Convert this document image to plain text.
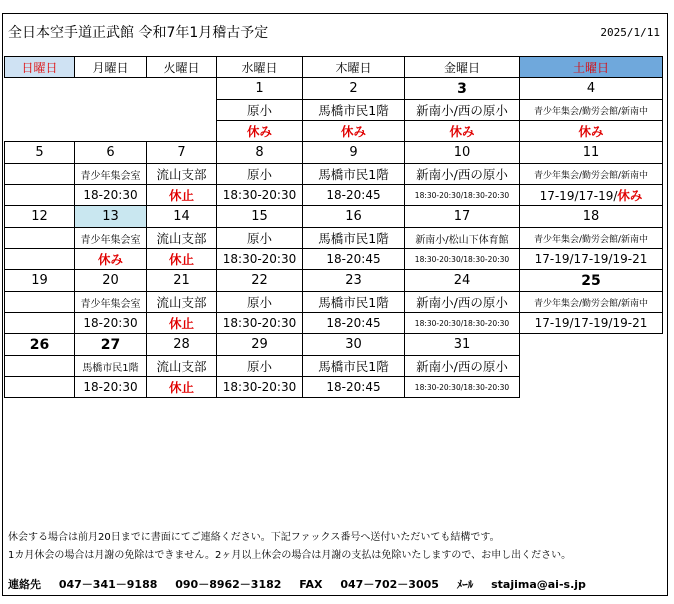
全日本空手道正武館 令和7年1月稽古予定	2025/1/11
日曜日	月曜日	火曜日	水曜日	木曜日	金曜日	土曜日
			1	2	3	4
			原小	馬橋市民1階	新南小/西の原小	青少年集会/勤労会館/新南中
			休み	休み	休み	休み
5	6	7	8	9	10	11
	青少年集会室	流山支部	原小	馬橋市民1階	新南小/西の原小	青少年集会/勤労会館/新南中
	18-20:30	休止	18:30-20:30	18-20:45	18:30-20:30/18:30-20:30	17-19/17-19/休み
12	13	14	15	16	17	18
	青少年集会室	流山支部	原小	馬橋市民1階	新南小/松山下体育館	青少年集会/勤労会館/新南中
	休み	休止	18:30-20:30	18-20:45	18:30-20:30/18:30-20:30	17-19/17-19/19-21
19	20	21	22	23	24	25
	青少年集会室	流山支部	原小	馬橋市民1階	新南小/西の原小	青少年集会/勤労会館/新南中
	18-20:30	休止	18:30-20:30	18-20:45	18:30-20:30/18:30-20:30	17-19/17-19/19-21
26	27	28	29	30	31	
	馬橋市民1階	流山支部	原小	馬橋市民1階	新南小/西の原小	
	18-20:30	休止	18:30-20:30	18-20:45	18:30-20:30/18:30-20:30	
休会する場合は前月20日までに書面にてご連絡ください。下記ファックス番号へ送付いただいても結構です。
1カ月休会の場合は月謝の免除はできません。2ヶ月以上休会の場合は月謝の支払は免除いたしますので、お申し出ください。
連絡先 047－341－9188 090－8962－3182 FAX 047－702－3005 ﾒｰﾙ stajima@ai-s.jp
